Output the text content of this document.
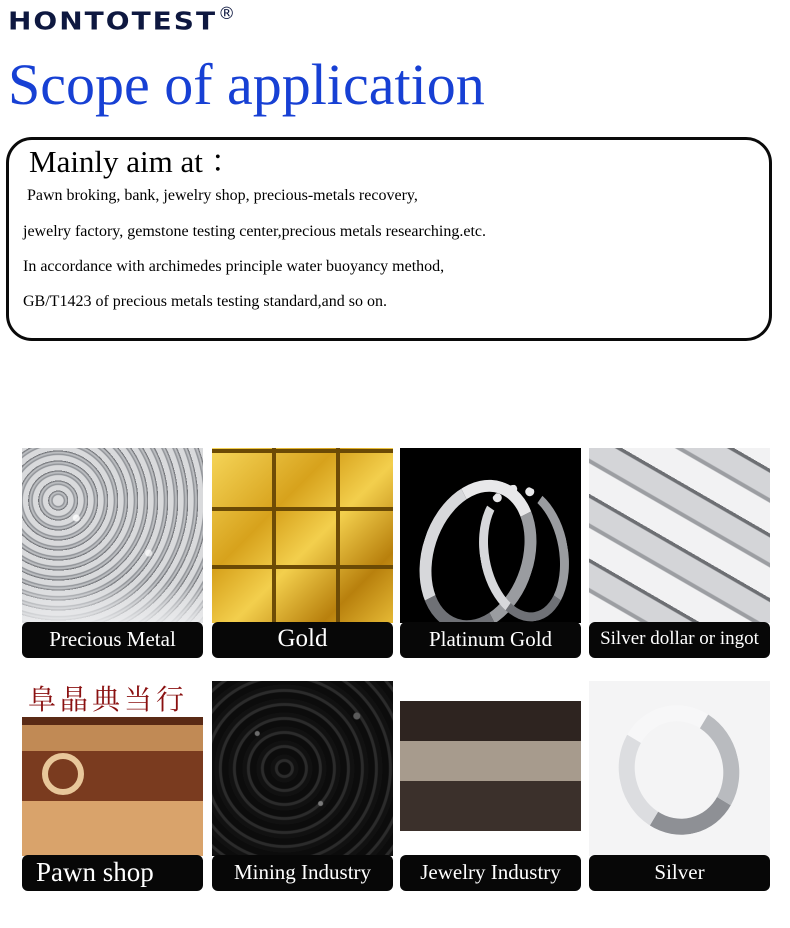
HONTOTEST ®
Scope of application
Mainly aim at ：
Pawn broking, bank, jewelry shop, precious-metals recovery,
jewelry factory, gemstone testing center,precious metals researching.etc.
In accordance with archimedes principle water buoyancy method,
GB/T1423 of precious metals testing standard,and so on.
Precious Metal	Gold	Platinum Gold	Silver dollar or ingot
阜晶典当行
Pawn shop	Mining Industry	Jewelry Industry	Silver
